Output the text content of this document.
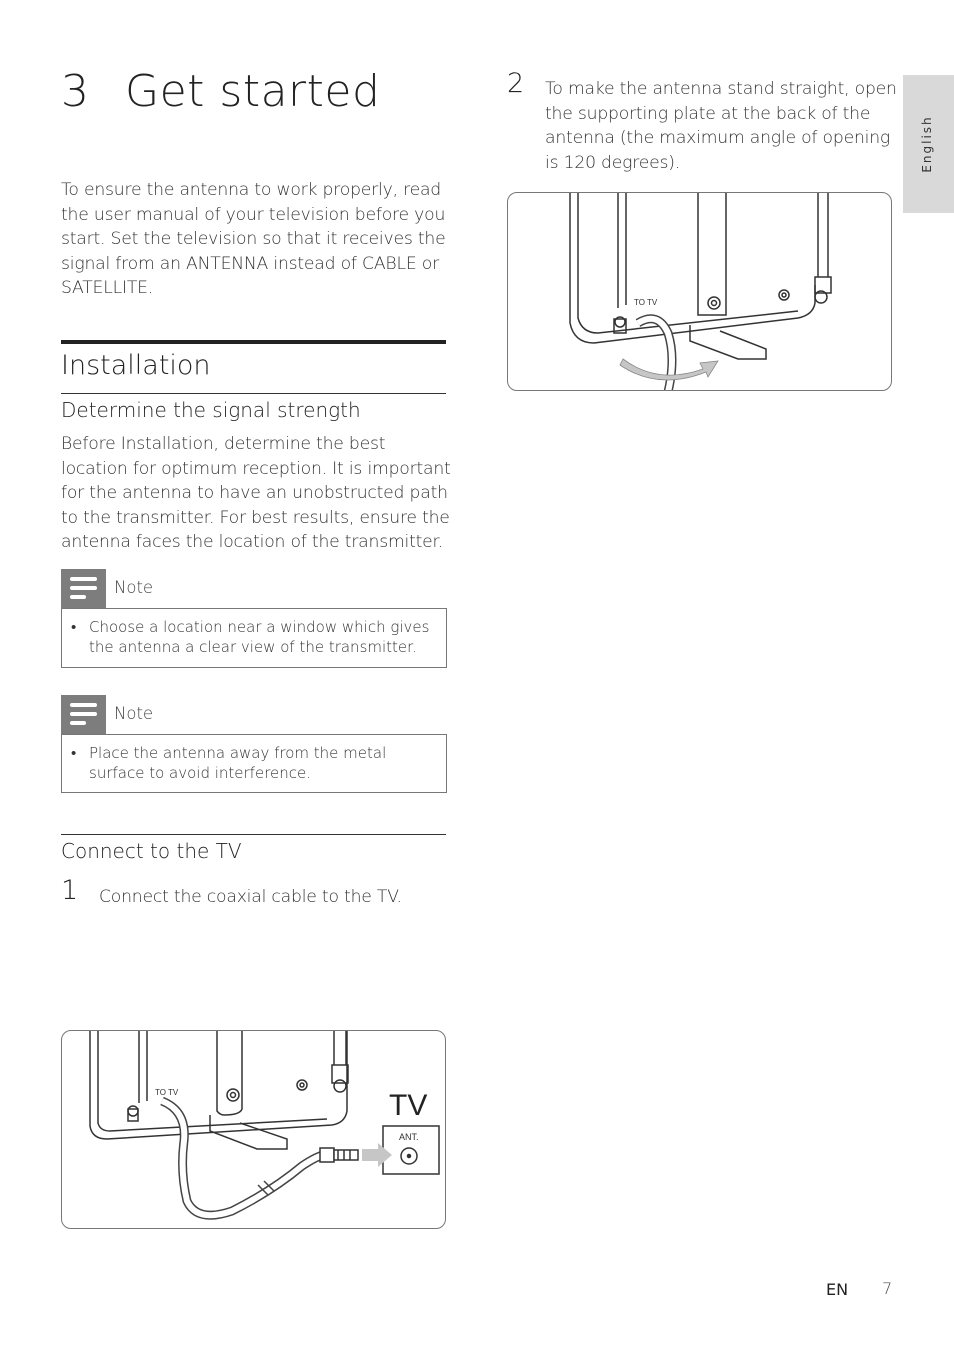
3 Get started

To ensure the antenna to work properly, read the user manual of your television before you start. Set the television so that it receives the signal from an ANTENNA instead of CABLE or SATELLITE.

Installation
Determine the signal strength

Before Installation, determine the best location for optimum reception. It is important for the antenna to have an unobstructed path to the transmitter. For best results, ensure the antenna faces the location of the transmitter.

Note
• Choose a location near a window which gives the antenna a clear view of the transmitter.
Note
• Place the antenna away from the metal surface to avoid interference.
Connect to the TV
1 Connect the coaxial cable to the TV.
TO TV	TV
ANT.
2 To make the antenna stand straight, open the supporting plate at the back of the antenna (the maximum angle of opening is 120 degrees).
TO TV
English
EN 7
